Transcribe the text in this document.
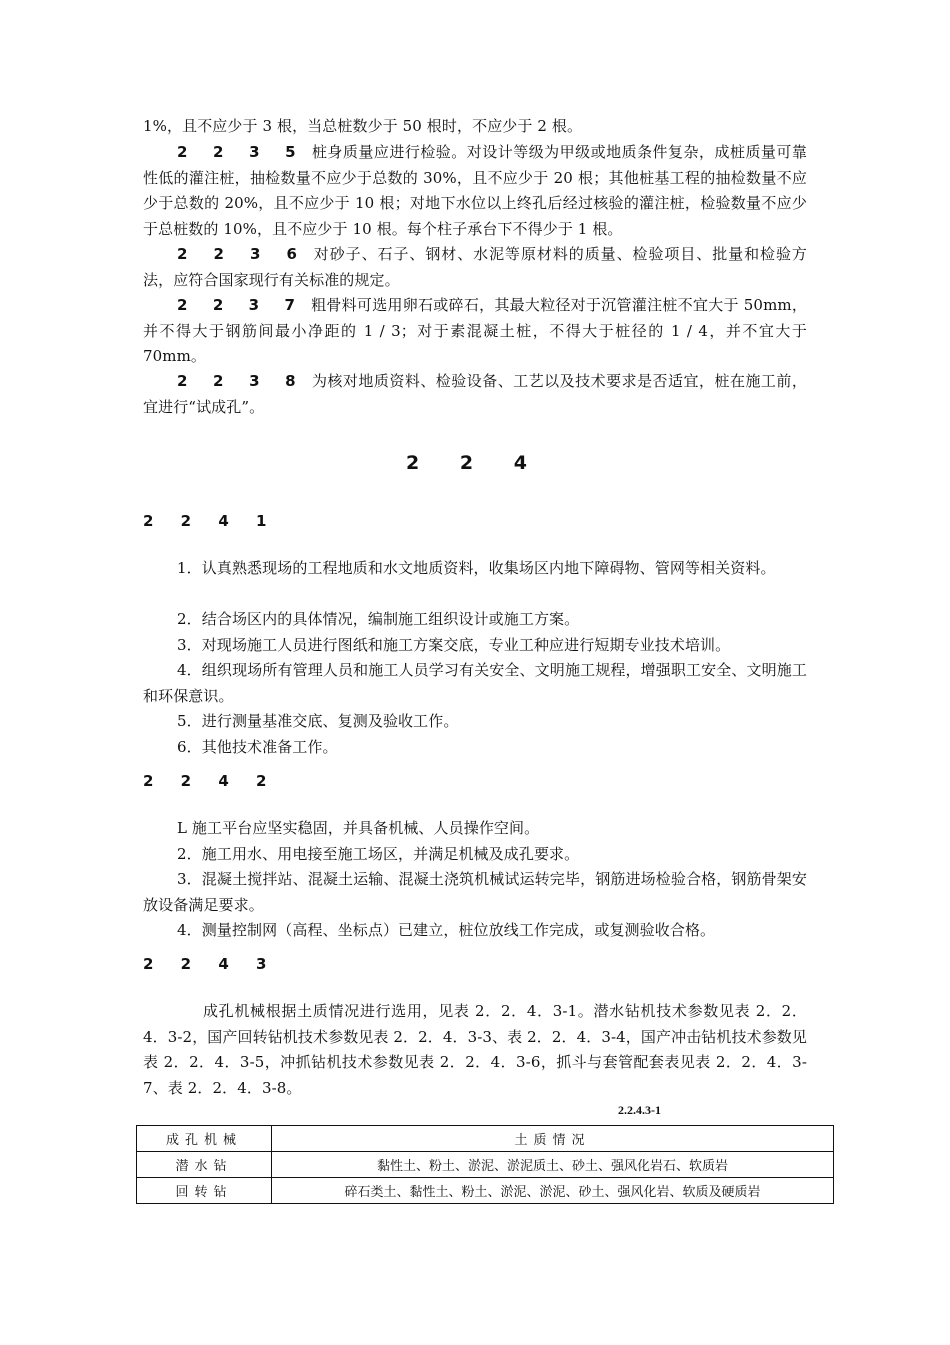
1%，且不应少于 3 根，当总桩数少于 50 根时，不应少于 2 根。

2 2 3 5 桩身质量应进行检验。对设计等级为甲级或地质条件复杂，成桩质量可靠性低的灌注桩，抽检数量不应少于总数的 30%，且不应少于 20 根；其他桩基工程的抽检数量不应少于总数的 20%，且不应少于 10 根；对地下水位以上终孔后经过核验的灌注桩，检验数量不应少于总桩数的 10%，且不应少于 10 根。每个柱子承台下不得少于 1 根。

2 2 3 6 对砂子、石子、钢材、水泥等原材料的质量、检验项目、批量和检验方法，应符合国家现行有关标准的规定。

2 2 3 7 粗骨料可选用卵石或碎石，其最大粒径对于沉管灌注桩不宜大于 50mm，并不得大于钢筋间最小净距的 1 / 3；对于素混凝土桩，不得大于桩径的 1 / 4，并不宜大于 70mm。

2 2 3 8 为核对地质资料、检验设备、工艺以及技术要求是否适宜，桩在施工前，宜进行“试成孔”。

2 2 4
2 2 4 1

1．认真熟悉现场的工程地质和水文地质资料，收集场区内地下障碍物、管网等相关资料。

2．结合场区内的具体情况，编制施工组织设计或施工方案。

3．对现场施工人员进行图纸和施工方案交底，专业工种应进行短期专业技术培训。

4．组织现场所有管理人员和施工人员学习有关安全、文明施工规程，增强职工安全、文明施工和环保意识。

5．进行测量基准交底、复测及验收工作。

6．其他技术准备工作。

2 2 4 2

L 施工平台应坚实稳固，并具备机械、人员操作空间。

2．施工用水、用电接至施工场区，并满足机械及成孔要求。

3．混凝土搅拌站、混凝土运输、混凝土浇筑机械试运转完毕，钢筋进场检验合格，钢筋骨架安放设备满足要求。

4．测量控制网（高程、坐标点）已建立，桩位放线工作完成，或复测验收合格。

2 2 4 3

成孔机械根据土质情况进行选用，见表 2．2．4．3-1。潜水钻机技术参数见表 2．2．4．3-2，国产回转钻机技术参数见表 2．2．4．3-3、表 2．2．4．3-4，国产冲击钻机技术参数见表 2．2．4．3-5，冲抓钻机技术参数见表 2．2．4．3-6，抓斗与套管配套表见表 2．2．4．3-7、表 2．2．4．3-8。

2.2.4.3-1
成孔机械	土质情况
潜水钻	黏性土、粉土、淤泥、淤泥质土、砂土、强风化岩石、软质岩
回转钻	碎石类土、黏性土、粉土、淤泥、淤泥、砂土、强风化岩、软质及硬质岩
